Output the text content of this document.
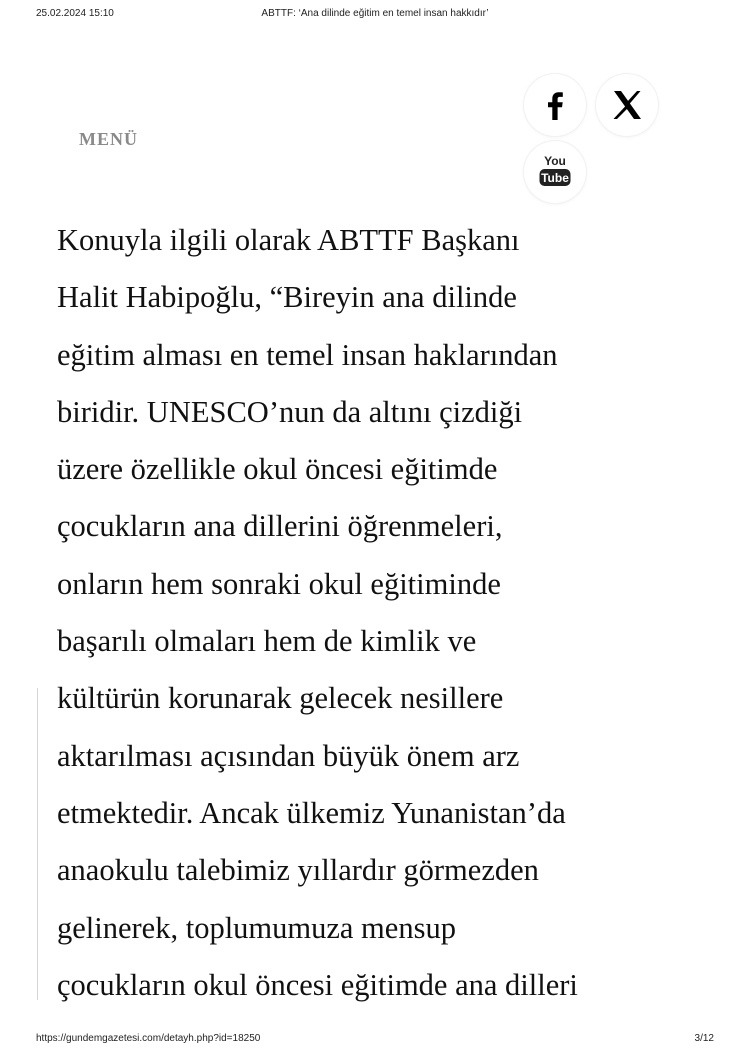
25.02.2024 15:10	ABTTF: ‘Ana dilinde eğitim en temel insan hakkıdır’
MENÜ
You
Tube
Konuyla ilgili olarak ABTTF Başkanı
Halit Habipoğlu, “Bireyin ana dilinde
eğitim alması en temel insan haklarından
biridir. UNESCO’nun da altını çizdiği
üzere özellikle okul öncesi eğitimde
çocukların ana dillerini öğrenmeleri,
onların hem sonraki okul eğitiminde
başarılı olmaları hem de kimlik ve
kültürün korunarak gelecek nesillere
aktarılması açısından büyük önem arz
etmektedir. Ancak ülkemiz Yunanistan’da
anaokulu talebimiz yıllardır görmezden
gelinerek, toplumumuza mensup
çocukların okul öncesi eğitimde ana dilleri
https://gundemgazetesi.com/detayh.php?id=18250	3/12
